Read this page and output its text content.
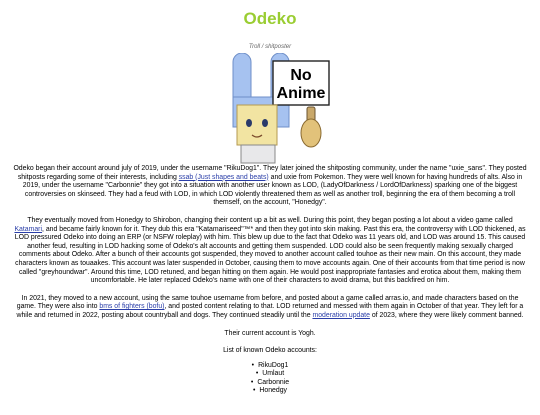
Odeko
Troll / shitposter
No
Anime

Odeko began their account around july of 2019, under the username "RikuDog1". They later joined the shitposting community, under the name "uxie_sans". They posted shitposts regarding some of their interests, including ssab (Just shapes and beats) and uxie from Pokemon. They were well known for having hundreds of alts. Also in 2019, under the username "Carbonnie" they got into a situation with another user known as LOD, (LadyOfDarkness / LordOfDarkness) sparking one of the biggest controversies on skinseed. They had a feud with LOD, in which LOD violently threatened them as well as another troll, beginning the era of them becoming a troll themself, on the account, "Honedgy".

They eventually moved from Honedgy to Shirobon, changing their content up a bit as well. During this point, they began posting a lot about a video game called Katamari, and became fairly known for it. They dub this era "Katamariseed"™* and then they got into skin making. Past this era, the controversy with LOD thickened, as LOD pressured Odeko into doing an ERP (or NSFW roleplay) with him. This blew up due to the fact that Odeko was 11 years old, and LOD was around 15. This caused another feud, resulting in LOD hacking some of Odeko's alt accounts and getting them suspended. LOD could also be seen frequently making sexually charged comments about Odeko. After a bunch of their accounts got suspended, they moved to another account called touhoe as their new main. On this account, they made characters known as touaakes. This account was later suspended in October, causing them to move accounts again. One of their accounts from that time period is now called "greyhoundwar". Around this time, LOD retuned, and began hitting on them again. He would post inappropriate fantasies and erotica about them, making them uncomfortable. He later replaced Odeko's name with one of their characters to avoid drama, but this backfired on him.

In 2021, they moved to a new account, using the same touhoe username from before, and posted about a game called arras.io, and made characters based on the game. They were also into bms of fighters (bofu), and posted content relating to that. LOD returned and messed with them again in October of that year. They left for a while and returned in 2022, posting about countryball and dogs. They continued steadily until the moderation update of 2023, where they were likely comment banned.

Their current account is Yogh.

List of known Odeko accounts:

• RikuDog1
• Umlaut
• Carbonnie
• Honedgy
